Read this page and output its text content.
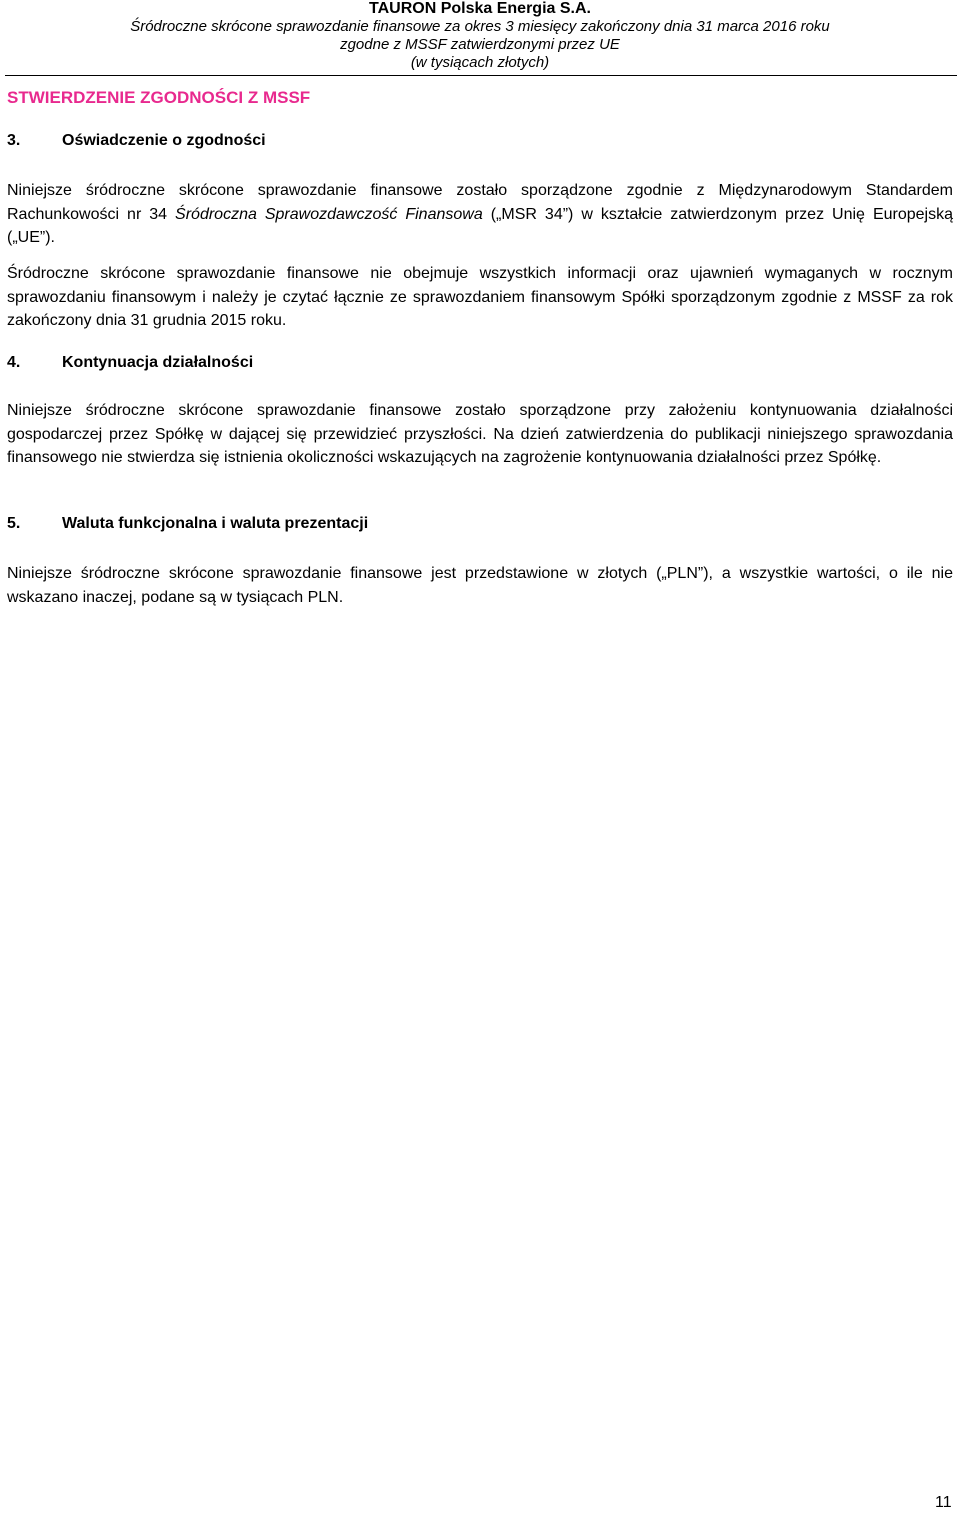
TAURON Polska Energia S.A.
Śródroczne skrócone sprawozdanie finansowe za okres 3 miesięcy zakończony dnia 31 marca 2016 roku
zgodne z MSSF zatwierdzonymi przez UE
(w tysiącach złotych)
STWIERDZENIE ZGODNOŚCI Z MSSF
3.	Oświadczenie o zgodności
Niniejsze śródroczne skrócone sprawozdanie finansowe zostało sporządzone zgodnie z Międzynarodowym Standardem Rachunkowości nr 34 Śródroczna Sprawozdawczość Finansowa („MSR 34”) w kształcie zatwierdzonym przez Unię Europejską („UE”).
Śródroczne skrócone sprawozdanie finansowe nie obejmuje wszystkich informacji oraz ujawnień wymaganych w rocznym sprawozdaniu finansowym i należy je czytać łącznie ze sprawozdaniem finansowym Spółki sporządzonym zgodnie z MSSF za rok zakończony dnia 31 grudnia 2015 roku.
4.	Kontynuacja działalności
Niniejsze śródroczne skrócone sprawozdanie finansowe zostało sporządzone przy założeniu kontynuowania działalności gospodarczej przez Spółkę w dającej się przewidzieć przyszłości. Na dzień zatwierdzenia do publikacji niniejszego sprawozdania finansowego nie stwierdza się istnienia okoliczności wskazujących na zagrożenie kontynuowania działalności przez Spółkę.
5.	Waluta funkcjonalna i waluta prezentacji
Niniejsze śródroczne skrócone sprawozdanie finansowe jest przedstawione w złotych („PLN”), a wszystkie wartości, o ile nie wskazano inaczej, podane są w tysiącach PLN.
11
